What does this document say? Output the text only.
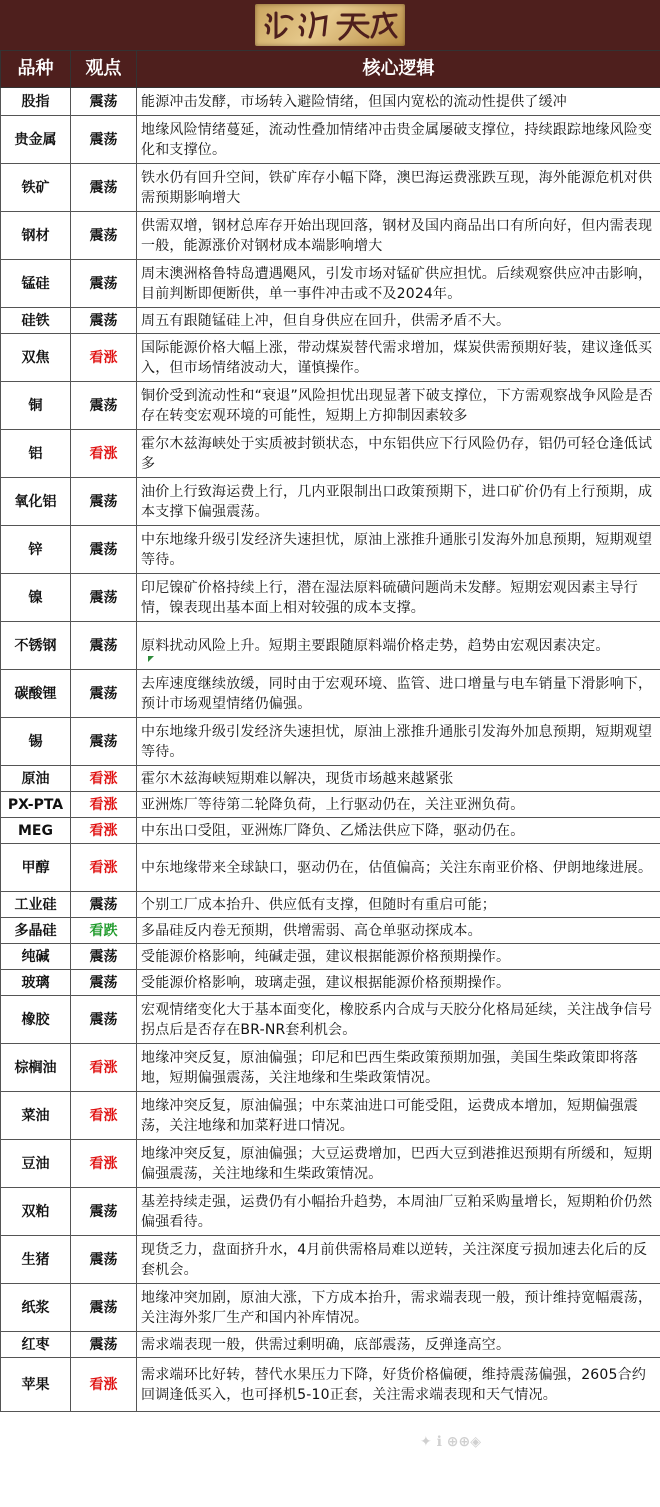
品种	观点	核心逻辑
股指	震荡	能源冲击发酵，市场转入避险情绪，但国内宽松的流动性提供了缓冲
贵金属	震荡	地缘风险情绪蔓延，流动性叠加情绪冲击贵金属屡破支撑位，持续跟踪地缘风险变化和支撑位。
铁矿	震荡	铁水仍有回升空间，铁矿库存小幅下降，澳巴海运费涨跌互现，海外能源危机对供需预期影响增大
钢材	震荡	供需双增，钢材总库存开始出现回落，钢材及国内商品出口有所向好，但内需表现一般，能源涨价对钢材成本端影响增大
锰硅	震荡	周末澳洲格鲁特岛遭遇飓风，引发市场对锰矿供应担忧。后续观察供应冲击影响，目前判断即便断供，单一事件冲击或不及2024年。
硅铁	震荡	周五有跟随锰硅上冲，但自身供应在回升，供需矛盾不大。
双焦	看涨	国际能源价格大幅上涨，带动煤炭替代需求增加，煤炭供需预期好装，建议逢低买入，但市场情绪波动大，谨慎操作。
铜	震荡	铜价受到流动性和“衰退”风险担忧出现显著下破支撑位，下方需观察战争风险是否存在转变宏观环境的可能性，短期上方抑制因素较多
铝	看涨	霍尔木兹海峡处于实质被封锁状态，中东铝供应下行风险仍存，铝仍可轻仓逢低试多
氧化铝	震荡	油价上行致海运费上行，几内亚限制出口政策预期下，进口矿价仍有上行预期，成本支撑下偏强震荡。
锌	震荡	中东地缘升级引发经济失速担忧，原油上涨推升通胀引发海外加息预期，短期观望等待。
镍	震荡	印尼镍矿价格持续上行，潜在湿法原料硫磺问题尚未发酵。短期宏观因素主导行情，镍表现出基本面上相对较强的成本支撑。
不锈钢	震荡	原料扰动风险上升。短期主要跟随原料端价格走势，趋势由宏观因素决定。
碳酸锂	震荡	去库速度继续放缓，同时由于宏观环境、监管、进口增量与电车销量下滑影响下，预计市场观望情绪仍偏强。
锡	震荡	中东地缘升级引发经济失速担忧，原油上涨推升通胀引发海外加息预期，短期观望等待。
原油	看涨	霍尔木兹海峡短期难以解决，现货市场越来越紧张
PX-PTA	看涨	亚洲炼厂等待第二轮降负荷，上行驱动仍在，关注亚洲负荷。
MEG	看涨	中东出口受阻，亚洲炼厂降负、乙烯法供应下降，驱动仍在。
甲醇	看涨	中东地缘带来全球缺口，驱动仍在，估值偏高；关注东南亚价格、伊朗地缘进展。
工业硅	震荡	个别工厂成本抬升、供应低有支撑，但随时有重启可能；
多晶硅	看跌	多晶硅反内卷无预期，供增需弱、高仓单驱动探成本。
纯碱	震荡	受能源价格影响，纯碱走强，建议根据能源价格预期操作。
玻璃	震荡	受能源价格影响，玻璃走强，建议根据能源价格预期操作。
橡胶	震荡	宏观情绪变化大于基本面变化，橡胶系内合成与天胶分化格局延续，关注战争信号拐点后是否存在BR-NR套利机会。
棕榈油	看涨	地缘冲突反复，原油偏强；印尼和巴西生柴政策预期加强，美国生柴政策即将落地，短期偏强震荡，关注地缘和生柴政策情况。
菜油	看涨	地缘冲突反复，原油偏强；中东菜油进口可能受阻，运费成本增加，短期偏强震荡，关注地缘和加菜籽进口情况。
豆油	看涨	地缘冲突反复，原油偏强；大豆运费增加，巴西大豆到港推迟预期有所缓和，短期偏强震荡，关注地缘和生柴政策情况。
双粕	震荡	基差持续走强，运费仍有小幅抬升趋势，本周油厂豆粕采购量增长，短期粕价仍然偏强看待。
生猪	震荡	现货乏力，盘面挤升水，4月前供需格局难以逆转，关注深度亏损加速去化后的反套机会。
纸浆	震荡	地缘冲突加剧，原油大涨，下方成本抬升，需求端表现一般，预计维持宽幅震荡，关注海外浆厂生产和国内补库情况。
红枣	震荡	需求端表现一般，供需过剩明确，底部震荡，反弹逢高空。
苹果	看涨	需求端环比好转，替代水果压力下降，好货价格偏硬，维持震荡偏强，2605合约回调逢低买入，也可择机5-10正套，关注需求端表现和天气情况。
✦ ℹ ⊕⊕◈
